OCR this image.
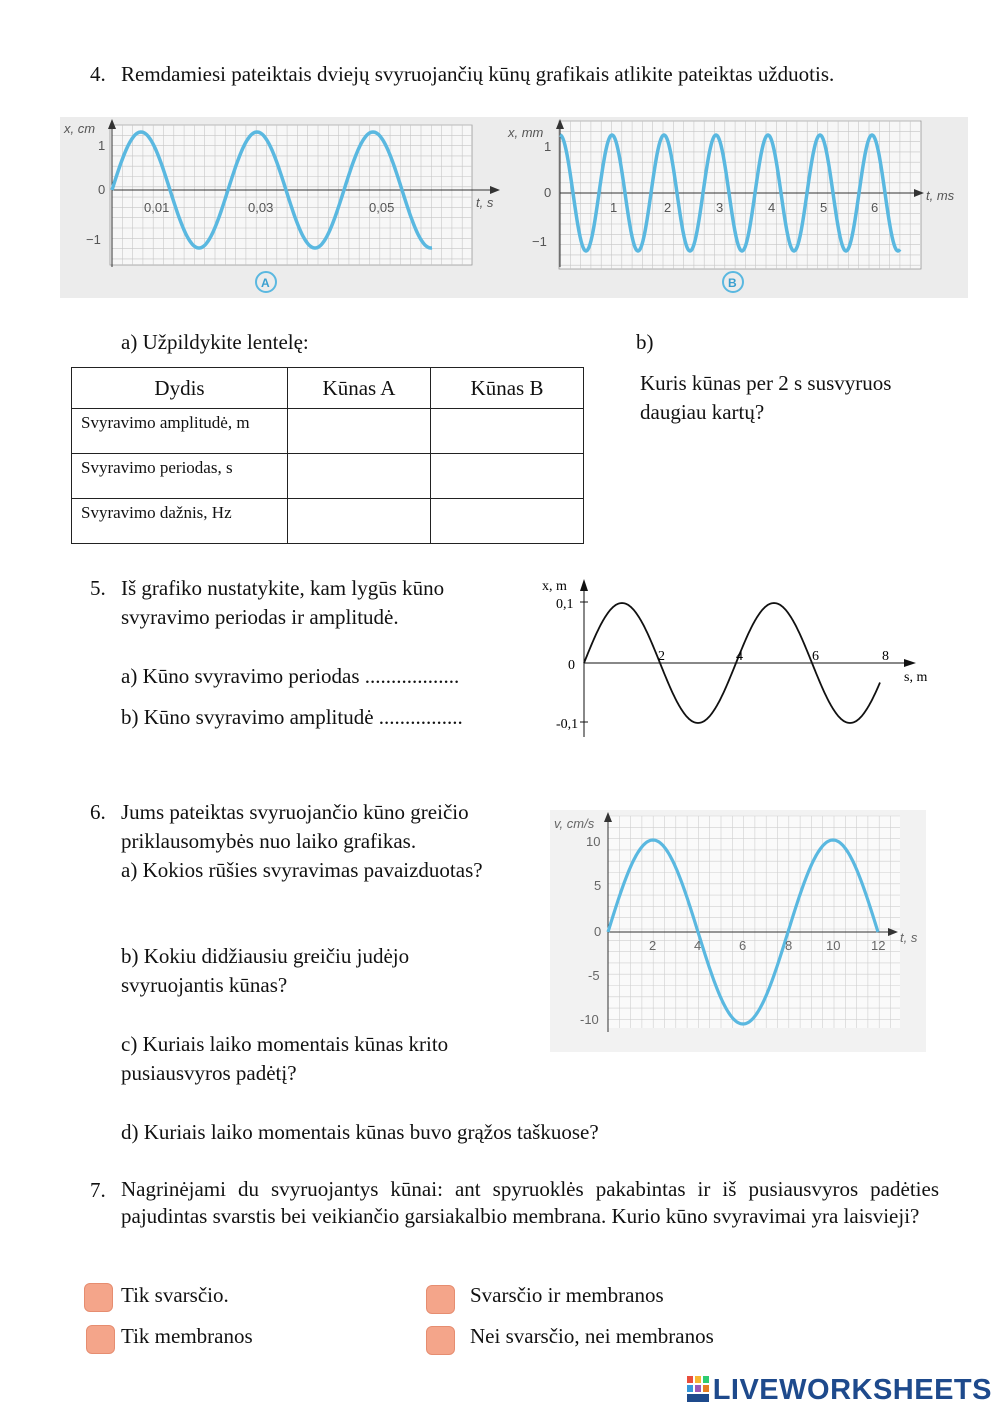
4. Remdamiesi pateiktais dviejų svyruojančių kūnų grafikais atlikite pateiktas užduotis.
x, cm
1
0
−1
0,01	0,03	0,05	t, s
A
x, mm
1
0
−1
1	2	3	4	5	6
t, ms
B
a) Užpildykite lentelę:	b)
Kuris kūnas per 2 s susvyruos daugiau kartų?
Dydis	Kūnas A	Kūnas B
Svyravimo amplitudė, m		
Svyravimo periodas, s		
Svyravimo dažnis, Hz		
5. Iš grafiko nustatykite, kam lygūs kūno svyravimo periodas ir amplitudė.
a) Kūno svyravimo periodas ..................
b) Kūno svyravimo amplitudė ................
x, m
0,1
0
-0,1
2	4	6	8
s, m
6. Jums pateiktas svyruojančio kūno greičio priklausomybės nuo laiko grafikas.
a) Kokios rūšies svyravimas pavaizduotas?
b) Kokiu didžiausiu greičiu judėjo svyruojantis kūnas?
c) Kuriais laiko momentais kūnas krito pusiausvyros padėtį?
d) Kuriais laiko momentais kūnas buvo grąžos taškuose?
v, cm/s
10
5
0
-5
-10
2	4	6	8	10 12
t, s
7. Nagrinėjami du svyruojantys kūnai: ant spyruoklės pakabintas ir iš pusiausvyros padėties pajudintas svarstis bei veikiančio garsiakalbio membrana. Kurio kūno svyravimai yra laisvieji?
Tik svarsčio.	Svarsčio ir membranos
Tik membranos	Nei svarsčio, nei membranos
LIVEWORKSHEETS
